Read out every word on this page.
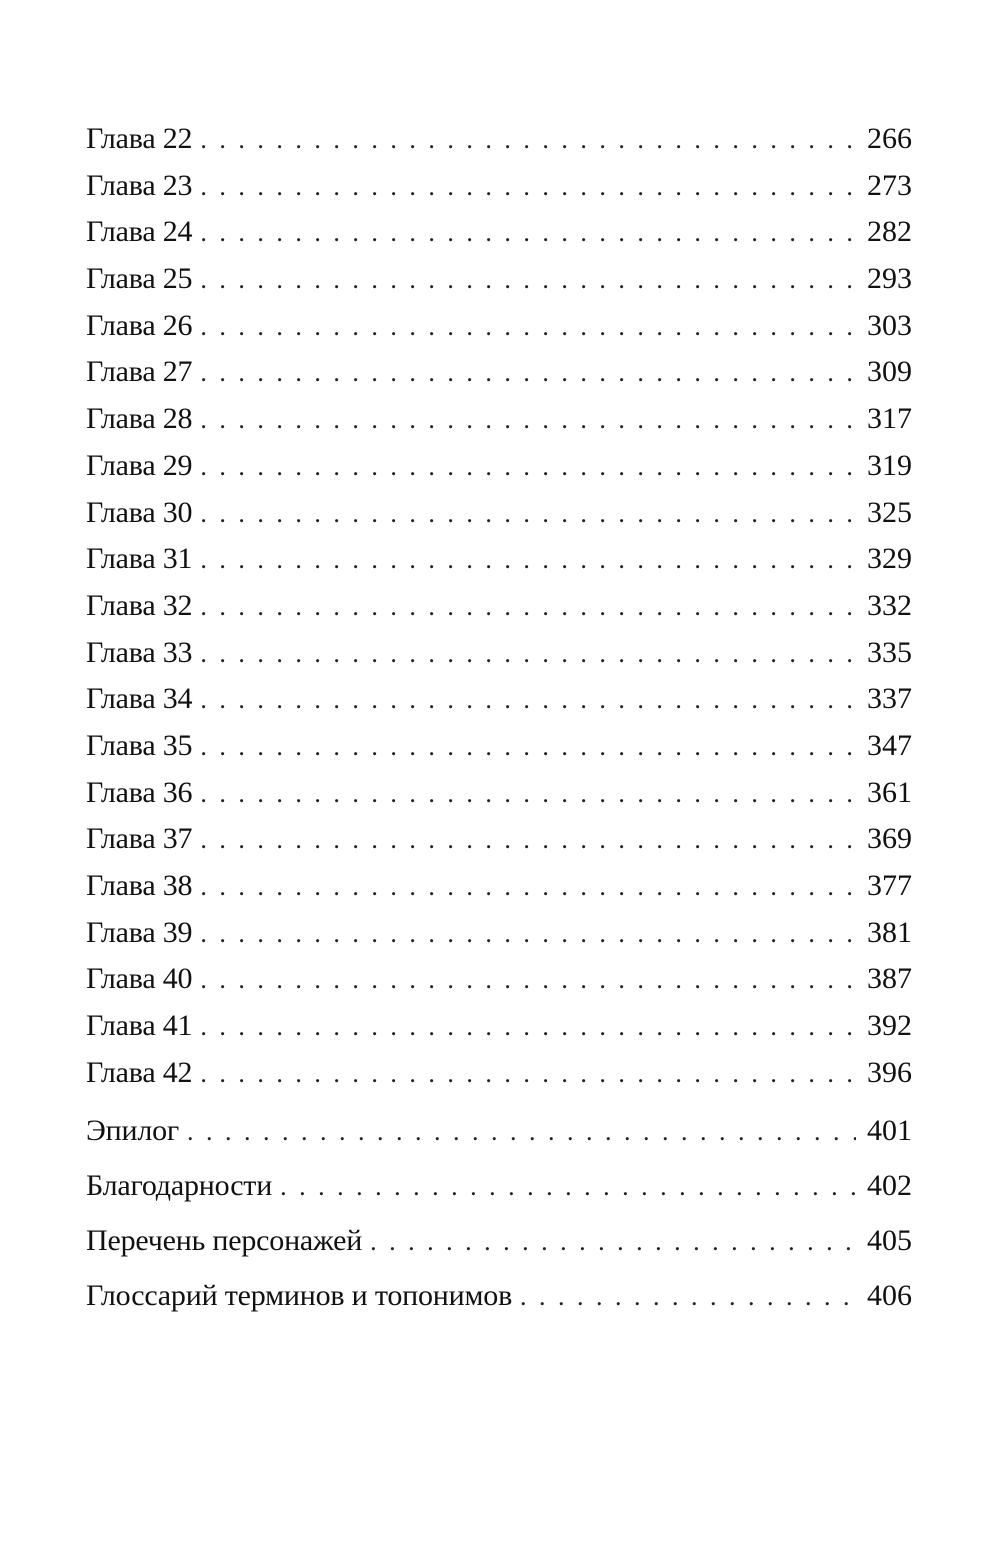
Глава 22 . . .	266
Глава 23 . . .	273
Глава 24 . . .	282
Глава 25 . . .	293
Глава 26 . . .	303
Глава 27 . . .	309
Глава 28 . . .	317
Глава 29 . . .	319
Глава 30 . . .	325
Глава 31 . . .	329
Глава 32 . . .	332
Глава 33 . . .	335
Глава 34 . . .	337
Глава 35 . . .	347
Глава 36 . . .	361
Глава 37 . . .	369
Глава 38 . . .	377
Глава 39 . . .	381
Глава 40 . . .	387
Глава 41 . . .	392
Глава 42 . . .	396
Эпилог . . .	401
Благодарности . . .	402
Перечень персонажей . . .	405
Глоссарий терминов и топонимов . . .	406
